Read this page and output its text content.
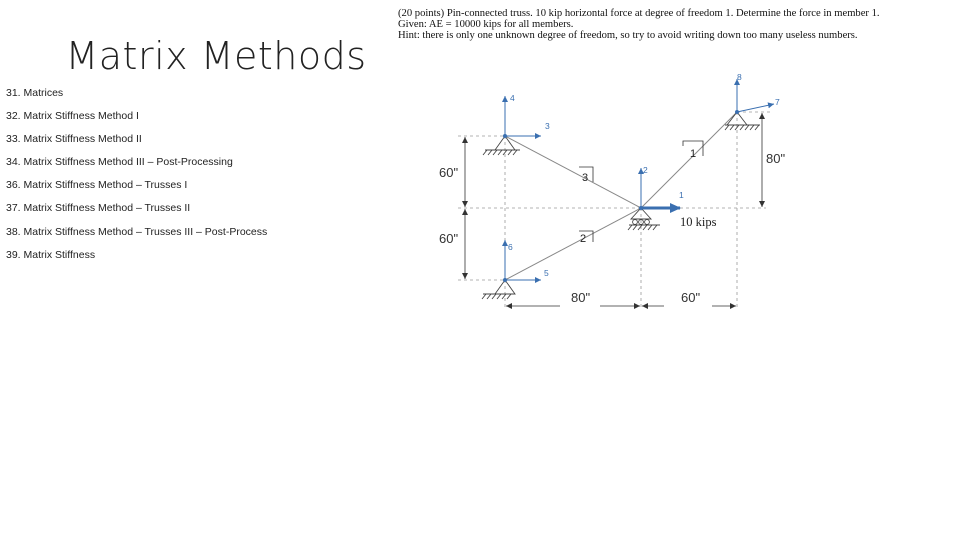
Matrix Methods
31. Matrices
32. Matrix Stiffness Method I
33. Matrix Stiffness Method II
34. Matrix Stiffness Method III – Post-Processing
36. Matrix Stiffness Method – Trusses I
37. Matrix Stiffness Method – Trusses II
38. Matrix Stiffness Method – Trusses III – Post-Process
39. Matrix Stiffness

(20 points) Pin-connected truss. 10 kip horizontal force at degree of freedom 1. Determine the force in member 1.

Given: AE = 10000 kips for all members.

Hint: there is only one unknown degree of freedom, so try to avoid writing down too many useless numbers.

4
3
6
5
2
1
8
7
3
2
1
60"
60"
80"
80"	60"
10 kips
